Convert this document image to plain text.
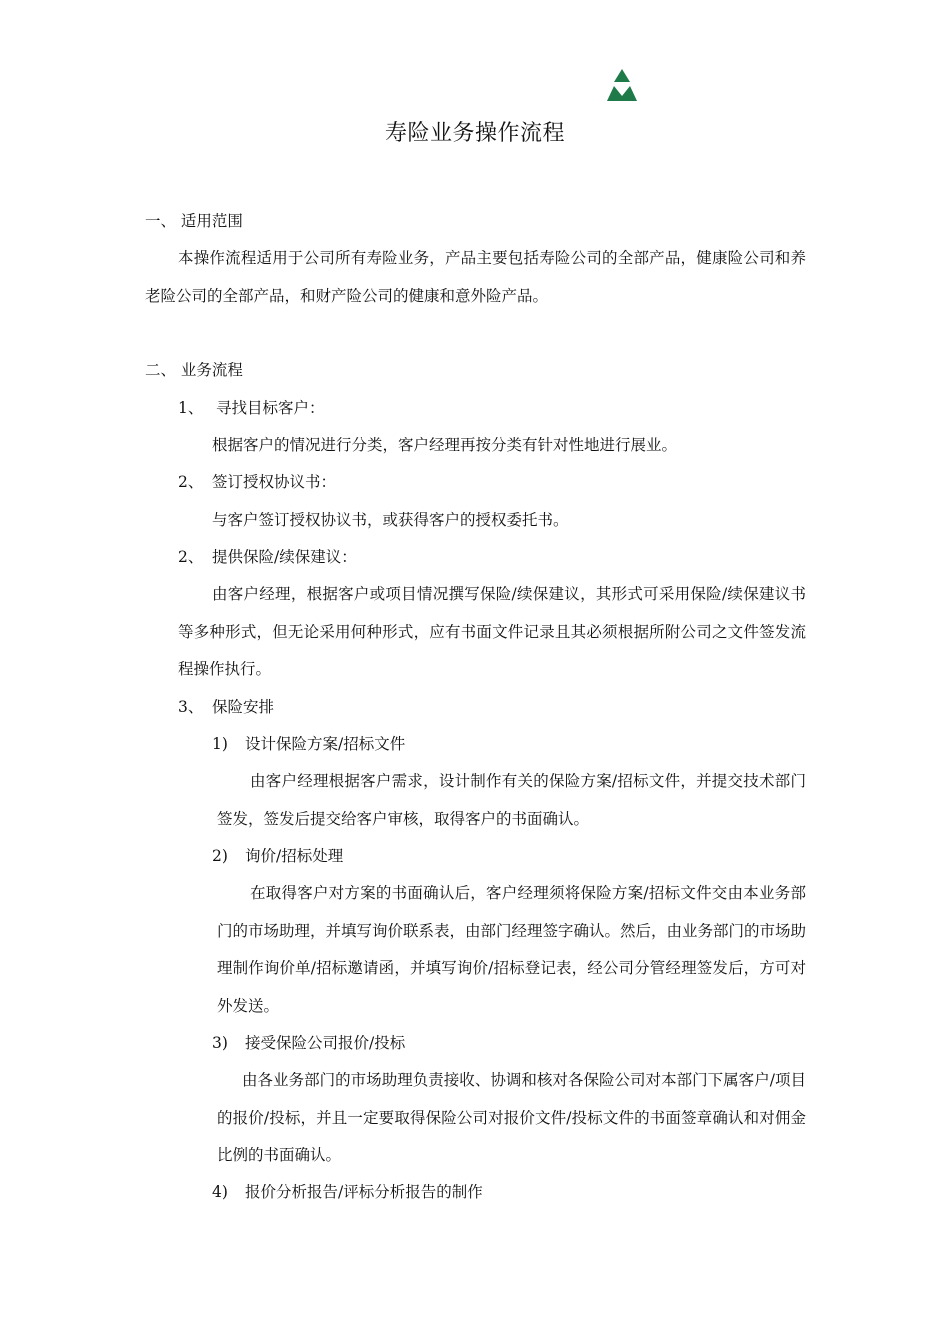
寿险业务操作流程
一、 适用范围
本操作流程适用于公司所有寿险业务，产品主要包括寿险公司的全部产品，健康险公司和养老险公司的全部产品，和财产险公司的健康和意外险产品。
二、 业务流程
1、 寻找目标客户：
根据客户的情况进行分类，客户经理再按分类有针对性地进行展业。
2、 签订授权协议书：
与客户签订授权协议书，或获得客户的授权委托书。
2、 提供保险/续保建议：
由客户经理，根据客户或项目情况撰写保险/续保建议，其形式可采用保险/续保建议书等多种形式，但无论采用何种形式，应有书面文件记录且其必须根据所附公司之文件签发流程操作执行。
3、 保险安排
1) 设计保险方案/招标文件
由客户经理根据客户需求，设计制作有关的保险方案/招标文件，并提交技术部门签发，签发后提交给客户审核，取得客户的书面确认。
2) 询价/招标处理
在取得客户对方案的书面确认后，客户经理须将保险方案/招标文件交由本业务部门的市场助理，并填写询价联系表，由部门经理签字确认。然后，由业务部门的市场助理制作询价单/招标邀请函，并填写询价/招标登记表，经公司分管经理签发后，方可对外发送。
3) 接受保险公司报价/投标
由各业务部门的市场助理负责接收、协调和核对各保险公司对本部门下属客户/项目的报价/投标，并且一定要取得保险公司对报价文件/投标文件的书面签章确认和对佣金比例的书面确认。
4) 报价分析报告/评标分析报告的制作
